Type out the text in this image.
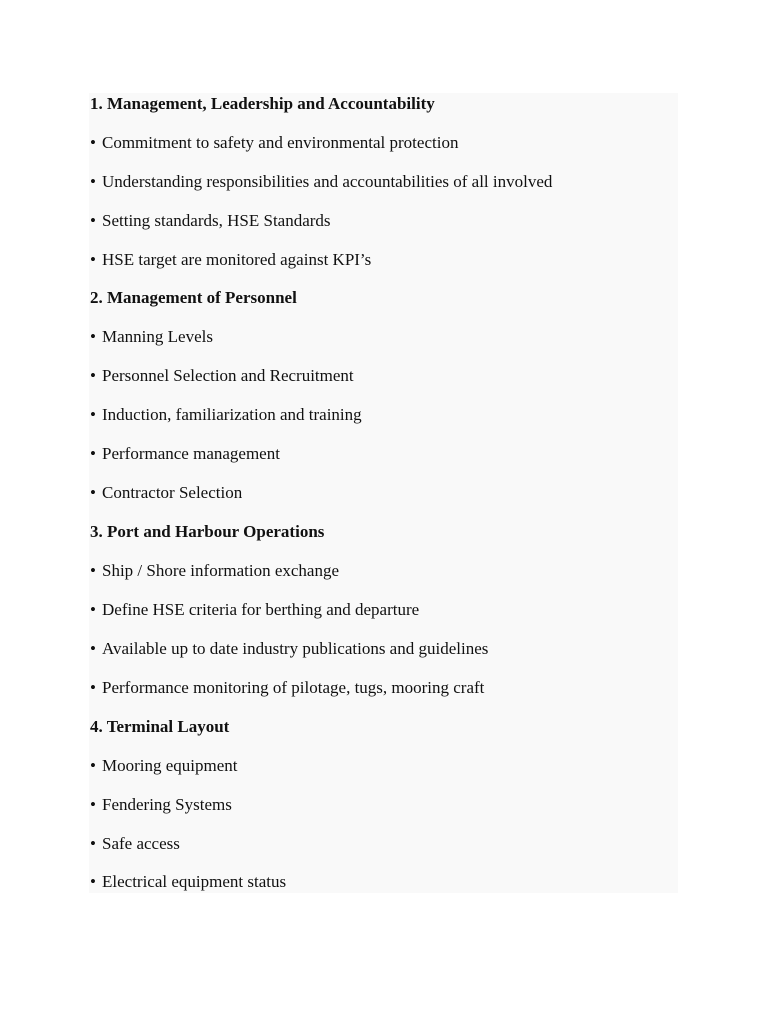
1. Management, Leadership and Accountability
• Commitment to safety and environmental protection
• Understanding responsibilities and accountabilities of all involved
• Setting standards, HSE Standards
• HSE target are monitored against KPI’s
2. Management of Personnel
• Manning Levels
• Personnel Selection and Recruitment
• Induction, familiarization and training
• Performance management
• Contractor Selection
3. Port and Harbour Operations
• Ship / Shore information exchange
• Define HSE criteria for berthing and departure
• Available up to date industry publications and guidelines
• Performance monitoring of pilotage, tugs, mooring craft
4. Terminal Layout
• Mooring equipment
• Fendering Systems
• Safe access
• Electrical equipment status
